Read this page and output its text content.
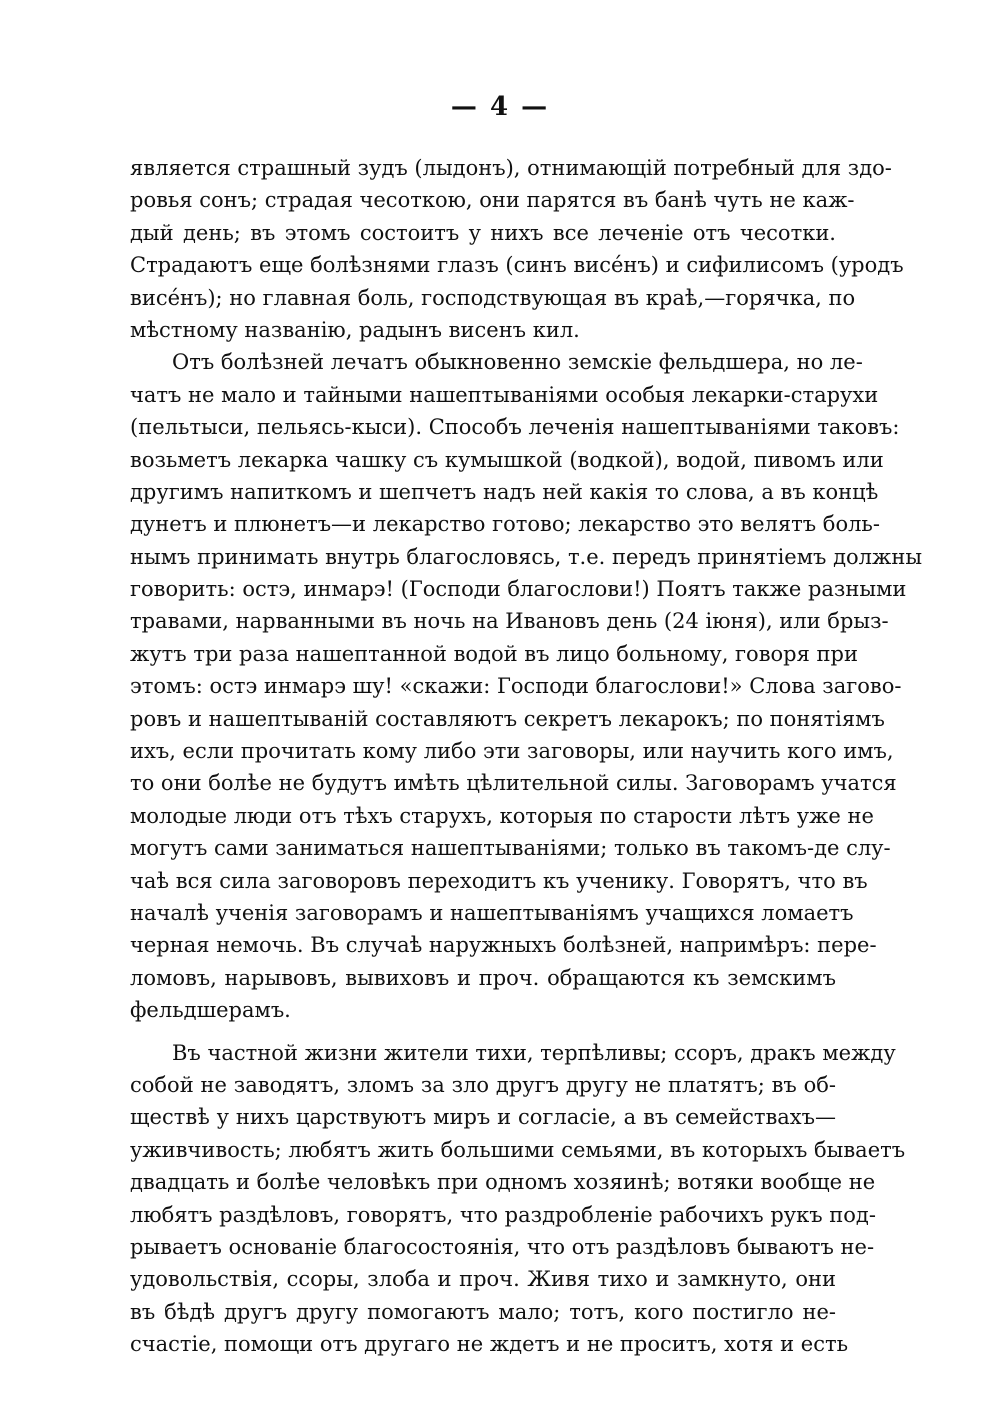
— 4 —
является страшный зудъ (лыдонъ), отнимающій потребный для здо-
ровья сонъ; страдая чесоткою, они парятся въ банѣ чуть не каж-
дый день; въ этомъ состоитъ у нихъ все леченіе отъ чесотки.
Страдаютъ еще болѣзнями глазъ (синъ висéнъ) и сифилисомъ (уродъ
висéнъ); но главная боль, господствующая въ краѣ,—горячка, по
мѣстному названію, радынъ висенъ кил.
Отъ болѣзней лечатъ обыкновенно земскіе фельдшера, но ле-
чатъ не мало и тайными нашептываніями особыя лекарки-старухи
(пельтыси, пельясь-кыси). Способъ леченія нашептываніями таковъ:
возьметъ лекарка чашку съ кумышкой (водкой), водой, пивомъ или
другимъ напиткомъ и шепчетъ надъ ней какія то слова, а въ концѣ
дунетъ и плюнетъ—и лекарство готово; лекарство это велятъ боль-
нымъ принимать внутрь благословясь, т.е. передъ принятіемъ должны
говорить: остэ, инмарэ! (Господи благослови!) Поятъ также разными
травами, нарванными въ ночь на Ивановъ день (24 іюня), или брыз-
жутъ три раза нашептанной водой въ лицо больному, говоря при
этомъ: остэ инмарэ шу! «скажи: Господи благослови!» Слова загово-
ровъ и нашептываній составляютъ секретъ лекарокъ; по понятіямъ
ихъ, если прочитать кому либо эти заговоры, или научить кого имъ,
то они болѣе не будутъ имѣть цѣлительной силы. Заговорамъ учатся
молодые люди отъ тѣхъ старухъ, которыя по старости лѣтъ уже не
могутъ сами заниматься нашептываніями; только въ такомъ-де слу-
чаѣ вся сила заговоровъ переходитъ къ ученику. Говорятъ, что въ
началѣ ученія заговорамъ и нашептываніямъ учащихся ломаетъ
черная немочь. Въ случаѣ наружныхъ болѣзней, напримѣръ: пере-
ломовъ, нарывовъ, вывиховъ и проч. обращаются къ земскимъ
фельдшерамъ.
Въ частной жизни жители тихи, терпѣливы; ссоръ, дракъ между
собой не заводятъ, зломъ за зло другъ другу не платятъ; въ об-
ществѣ у нихъ царствуютъ миръ и согласіе, а въ семействахъ—
уживчивость; любятъ жить большими семьями, въ которыхъ бываетъ
двадцать и болѣе человѣкъ при одномъ хозяинѣ; вотяки вообще не
любятъ раздѣловъ, говорятъ, что раздробленіе рабочихъ рукъ под-
рываетъ основаніе благосостоянія, что отъ раздѣловъ бываютъ не-
удовольствія, ссоры, злоба и проч. Живя тихо и замкнуто, они
въ бѣдѣ другъ другу помогаютъ мало; тотъ, кого постигло не-
счастіе, помощи отъ другаго не ждетъ и не проситъ, хотя и есть
